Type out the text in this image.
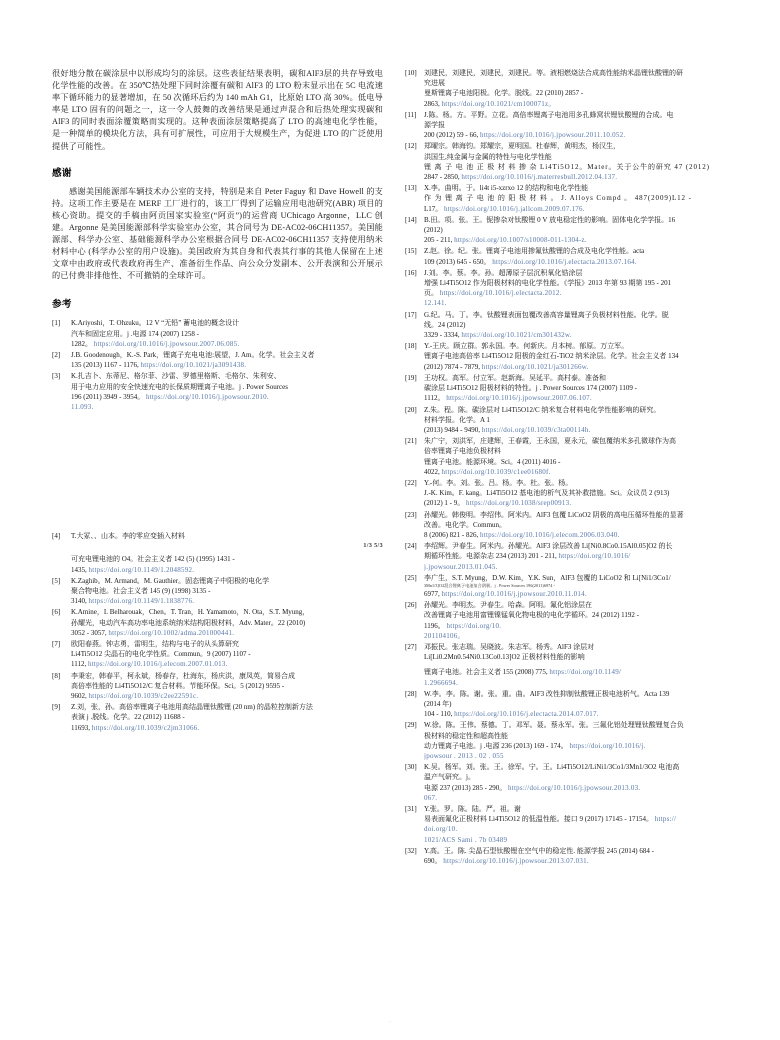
很好地分散在碳涂层中以形成均匀的涂层。这些表征结果表明，碳和AlF3层的共存导致电化学性能的改善。在 350℃热处理下同时涂覆有碳和 AlF3 的 LTO 粉末显示出在 5C 电流速率下循环能力的显著增加，在 50 次循环后约为 140 mAh G1，比原始 LTO 高 30%。低电导率是 LTO 固有的问题之一，这一令人鼓舞的改善结果是通过声混合和后热处理实现碳和 AlF3 的同时表面涂覆策略而实现的。这种表面涂层策略提高了 LTO 的高速电化学性能，是一种简单的模块化方法，具有可扩展性，可应用于大规模生产，为促进 LTO 的广泛使用提供了可能性。

感谢

感谢美国能源部车辆技术办公室的支持，特别是来自 Peter Faguy 和 Dave Howell 的支持。这项工作主要是在 MERF 工厂进行的，该工厂得到了运输应用电池研究(ABR) 项目的核心资助。提交的手稿由阿贡国家实验室(“阿贡”)的运营商 UChicago Argonne，LLC 创建。Argonne 是美国能源部科学实验室办公室，其合同号为 DE-AC02-06CH11357。美国能源部、科学办公室、基础能源科学办公室根据合同号 DE-AC02-06CH11357 支持使用纳米材料中心 (科学办公室的用户设施)。美国政府为其自身和代表其行事的其他人保留在上述文章中由政府或代表政府再生产、准备衍生作品、向公众分发副本、公开表演和公开展示的已付费非排他性、不可撤销的全球许可。

参考
[1]	K.Ariyoshi，T. Ohzuku。12 V “无铅” 蓄电池的概念设计
汽车和固定应用。j .电源 174 (2007) 1258 -
1282。 https://doi.org/10.1016/j.jpowsour.2007.06.085.
[2]	J.B. Goodenough，K.-S. Park，锂离子充电电池:展望，J. Am。化学。社会主义者
135 (2013) 1167 - 1176, https://doi.org/10.1021/ja3091438.
[3]	K.扎吉卜、东蒂尼、格尔菲、沙雷、罗德里格斯、毛格尔、朱利安、
用于电力应用的安全快速充电的长保质期锂离子电池。j . Power Sources
196 (2011) 3949 - 3954。 https://doi.org/10.1016/j.jpowsour.2010.
11.093.
[4]	T.大冢、、山本。李的零应变插入材料
1/3 5/3
可充电锂电池的 O4。社会主义者 142 (5) (1995) 1431 -
1435, https://doi.org/10.1149/1.2048592.
[5]	K.Zaghib。M. Armand。M. Gauthier。固态锂离子中阳极的电化学
聚合物电池。社会主义者 145 (9) (1998) 3135 -
3140, https://doi.org/10.1149/1.1838776.
[6]	K.Amine，I. Belharouak，Chen。T. Tran，H. Yamamoto，N. Ota，S.T. Myung，
孙耀光，电动汽车高功率电池系统纳米结构阳极材料，Adv. Mater。22 (2010)
3052 - 3057, https://doi.org/10.1002/adma.201000441.
[7]	欧阳春燕。钟志勇，雷明生，结构与电子的从头算研究
Li4Ti5O12 尖晶石的电化学性质。Commun。9 (2007) 1107 -
1112, https://doi.org/10.1016/j.elecom.2007.01.013.
[8]	李秉宏，韩春平，柯永斌，杨春存，杜海东，杨庆洪，康凤英，简易合成
高倍率性能的 Li4Ti5O12/C 复合材料。节能环保。Sci。5 (2012) 9595 -
9602, https://doi.org/10.1039/c2ee22591c.
[9]	Z.刘，张，孙。高倍率锂离子电池用高结晶锂钛酸锂 (20 nm) 的晶粒控制新方法
表演 j .脱线。化学。22 (2012) 11688 -
11693, https://doi.org/10.1039/c2jm31066.
[10]	刘建民，刘建民，刘建民，刘建民。等。液相燃烧法合成高性能纳米晶锂钛酸锂的研
究进展
曼斯锂离子电池阳极。化学。脱线。22 (2010) 2857 -
2863, https://doi.org/10.1021/cm100071z。
[11]	J.陈。杨。方。平野。立花。高倍率锂离子电池用多孔蜂窝状锂钛酸锂的合成。电
源学报
200 (2012) 59 - 66, https://doi.org/10.1016/j.jpowsour.2011.10.052.
[12]	郑曜宗。韩海钧。郑耀宗，夏明国。杜春辉，黄明杰，杨汉生，
洪国生,纯金属与金属的特性与电化学性能
锂 离 子 电 池 正 极 材 料 掺 杂 Li4Ti5O12。Mater。关于公牛的研究 47 (2012)
2847 - 2850, https://doi.org/10.1016/j.materresbull.2012.04.137.
[13]	X.李。曲明。于。li4t i5-xzrxo 12 的结构和电化学性能
作 为 锂 离 子 电 池 的 阳 极 材 料 。 J. Alloys Compd 。 487(2009)L12 -
L17。 https://doi.org/10.1016/j.jallcom.2009.07.176.
[14]	B.田。项。张。王。铌掺杂对钛酸锂 0 V 放电稳定性的影响。固体电化学学报。16
(2012)
205 - 211, https://doi.org/10.1007/s10008-011-1304-z.
[15]	Z.赵。徐。纪。张。锂离子电池用掺氟钛酸锂的合成及电化学性能。acta
109 (2013) 645 - 650。 https://doi.org/10.1016/j.electacta.2013.07.164.
[16]	J.刘。李。蔡。李。孙。超薄原子层沉积氧化锆涂层
增强 Li4Ti5O12 作为阳极材料的电化学性能。《学报》2013 年第 93 期第 195 - 201
页。 https://doi.org/10.1016/j.electacta.2012.
12.141.
[17]	G.纪。马。丁。李。钛酸锂表面包覆改善高容量锂离子负极材料性能。化学。脱
线。24 (2012)
3329 - 3334, https://doi.org/10.1021/cm301432w.
[18]	Y.-王庆。顾立群。郭永国。李。何新庆。月本树。郁原。万立军。
锂离子电池高倍率 Li4Ti5O12 阳极的金红石-TiO2 纳米涂层。化学。社会主义者 134
(2012) 7874 - 7879, https://doi.org/10.1021/ja301266w.
[19]	王功权。高军。付立军。赵新海。吴延平。高村泰。准备和
碳涂层 Li4Ti5O12 阳极材料的特性。j . Power Sources 174 (2007) 1109 -
1112。 https://doi.org/10.1016/j.jpowsour.2007.06.107.
[20]	Z.朱。程。陈。碳涂层对 Li4Ti5O12/C 纳米复合材料电化学性能影响的研究。
材料学报。化学。A 1
(2013) 9484 - 9490, https://doi.org/10.1039/c3ta00114h.
[21]	朱广宁，刘洪军，庄建辉，王春霞，王永国，夏永元，碳包覆纳米多孔微球作为高
倍率锂离子电池负极材料
锂离子电池。能源环境。Sci。4 (2011) 4016 -
4022, https://doi.org/10.1039/c1ee01680f.
[22]	Y.-何。李。刘。张。吕。杨。李。杜。张。杨。
J.-K. Kim。F. kang。Li4Ti5O12 基电池的析气及其补救措施。Sci。众议员 2 (913)
(2012) 1 - 9。 https://doi.org/10.1038/srep00913.
[23]	孙耀光。韩俊明。李绍伟。阿米内。AlF3 包覆 LiCoO2 阴极的高电压循环性能的显著
改善。电化学。Commun。
8 (2006) 821 - 826, https://doi.org/10.1016/j.elecom.2006.03.040.
[24]	李绍辉。尹春生。阿米内。孙耀光。AlF3 涂层改善 Li[Ni0.8Co0.15Al0.05]O2 的长
期循环性能。电源杂志 234 (2013) 201 - 211, https://doi.org/10.1016/
j.jpowsour.2013.01.045.
[25]	李广生，S.T. Myung，D.W. Kim，Y.K. Sun，AlF3 包覆的 LiCoO2 和 Li[Ni1/3Co1/
3Mn1/3]O2混合锂离子电池复合阴极。j . Power Sources 196(2011)6974 -
6977, https://doi.org/10.1016/j.jpowsour.2010.11.014.
[26]	孙耀光。李明杰。尹春生。哈森。阿明。氟化铝涂层在
改善锂离子电池用富锂镍锰氧化物电极的电化学循环。24 (2012) 1192 -
1196。 https://doi.org/10.
201104106。
[27]	邓振民。张志瑞。吴晓波。朱志军。杨秀。AlF3 涂层对
Li[Li0.2Mn0.54Ni0.13Co0.13]O2 正极材料性能的影响
锂离子电池。社会主义者 155 (2008) 775, https://doi.org/10.1149/
1.2966694.
[28]	W.李。李。陈。谢。张。重。曲。AlF3 改性抑制钛酸锂正极电池析气。Acta 139
(2014 年)
104 - 110, https://doi.org/10.1016/j.electacta.2014.07.017.
[29]	W.徐。陈。王伟。蔡德。丁。邓军。聂。蔡永军。张。三氟化铝处理锂钛酸锂复合负
极材料的稳定性和超高性能
动力锂离子电池。j .电源 236 (2013) 169 - 174。 https://doi.org/10.1016/j.
jpowsour . 2013 . 02 . 055
[30]	K.吴。杨军。刘。张。王。徐军。宁。王。Li4Ti5O12/LiNi1/3Co1/3Mn1/3O2 电池高
温产气研究。j。
电源 237 (2013) 285 - 290。 https://doi.org/10.1016/j.jpowsour.2013.03.
067.
[31]	Y.张。罗。陈。陆。严。祖。谢
易表面氟化正极材料 Li4Ti5O12 的低温性能。接口 9 (2017) 17145 - 17154。 https://
doi.org/10.
1021/ACS Sami . 7b 03489
[32]	Y.高。王。陈. 尖晶石型钛酸锂在空气中的稳定性. 能源学报 245 (2014) 684 -
690。 https://doi.org/10.1016/j.jpowsour.2013.07.031.
.
